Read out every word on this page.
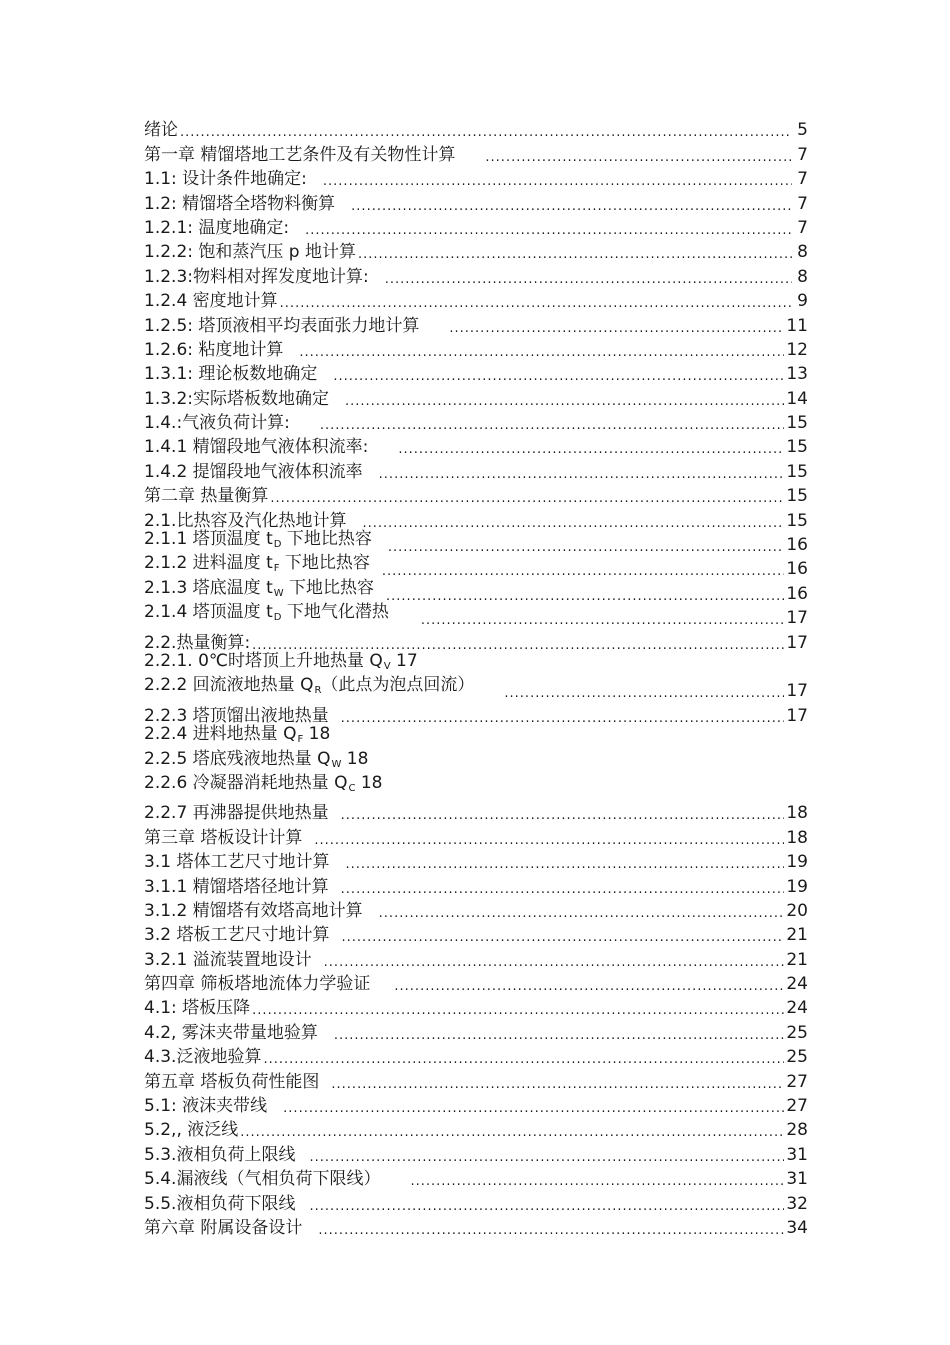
绪论 .....	5
第一章 精馏塔地工艺条件及有关物性计算 .....	7
1.1: 设计条件地确定: .....	7
1.2: 精馏塔全塔物料衡算 .....	7
1.2.1: 温度地确定: .....	7
1.2.2: 饱和蒸汽压 p 地计算 .....	8
1.2.3:物料相对挥发度地计算: .....	8
1.2.4 密度地计算 .....	9
1.2.5: 塔顶液相平均表面张力地计算 .....	11
1.2.6: 粘度地计算 .....	12
1.3.1: 理论板数地确定 .....	13
1.3.2:实际塔板数地确定 .....	14
1.4.:气液负荷计算: .....	15
1.4.1 精馏段地气液体积流率: .....	15
1.4.2 提馏段地气液体积流率 .....	15
第二章 热量衡算 .....	15
2.1.比热容及汽化热地计算 .....	15
2.1.1 塔顶温度 $t_D$ 下地比热容 .....	16
2.1.2 进料温度 $t_F$ 下地比热容 .....	16
2.1.3 塔底温度 $t_W$ 下地比热容 .....	16
2.1.4 塔顶温度 $t_D$ 下地气化潜热 .....	17
2.2.热量衡算: .....	17
2.2.1. 0℃时塔顶上升地热量 $Q_V$ 17
2.2.2 回流液地热量 $Q_R$（此点为泡点回流） .....	17
2.2.3 塔顶馏出液地热量 .....	17
2.2.4 进料地热量 $Q_F$ 18
2.2.5 塔底残液地热量 $Q_W$ 18
2.2.6 冷凝器消耗地热量 $Q_C$ 18
2.2.7 再沸器提供地热量 .....	18
第三章 塔板设计计算 .....	18
3.1 塔体工艺尺寸地计算 .....	19
3.1.1 精馏塔塔径地计算 .....	19
3.1.2 精馏塔有效塔高地计算 .....	20
3.2 塔板工艺尺寸地计算 .....	21
3.2.1 溢流装置地设计 .....	21
第四章 筛板塔地流体力学验证 .....	24
4.1: 塔板压降 .....	24
4.2, 雾沫夹带量地验算 .....	25
4.3.泛液地验算 .....	25
第五章 塔板负荷性能图 .....	27
5.1: 液沫夹带线 .....	27
5.2,, 液泛线 .....	28
5.3.液相负荷上限线 .....	31
5.4.漏液线（气相负荷下限线） .....	31
5.5.液相负荷下限线 .....	32
第六章 附属设备设计 .....	34
